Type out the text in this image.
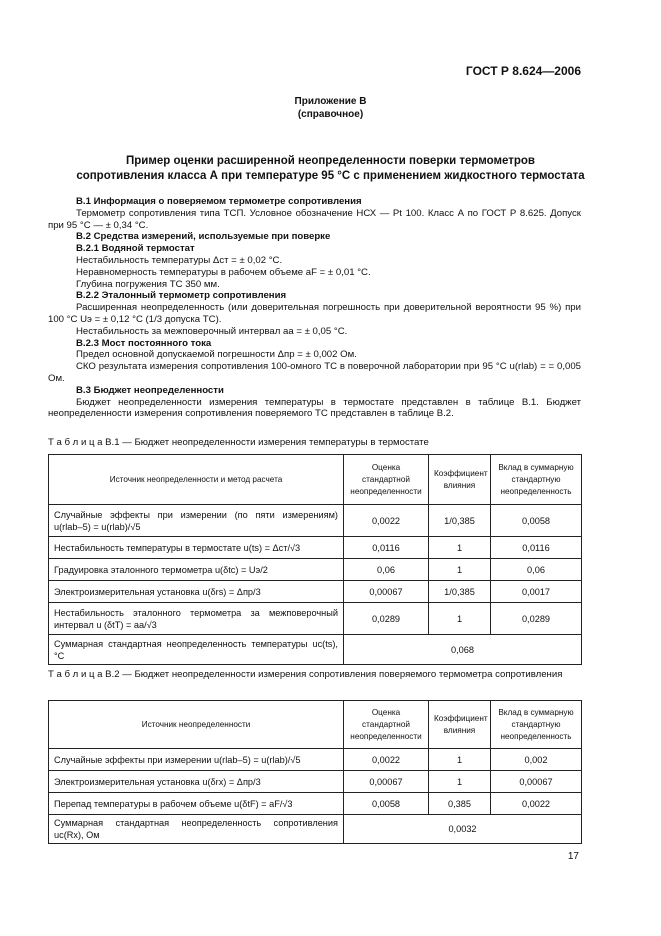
ГОСТ Р 8.624—2006
Приложение В
(справочное)
Пример оценки расширенной неопределенности поверки термометров
сопротивления класса А при температуре 95 °С с применением жидкостного термостата

В.1 Информация о поверяемом термометре сопротивления

Термометр сопротивления типа ТСП. Условное обозначение НСХ — Pt 100. Класс А по ГОСТ Р 8.625. Допуск при 95 °С — ± 0,34 °С.

В.2 Средства измерений, используемые при поверке

В.2.1 Водяной термостат

Нестабильность температуры Δст = ± 0,02 °С.

Неравномерность температуры в рабочем объеме aF = ± 0,01 °С.

Глубина погружения ТС 350 мм.

В.2.2 Эталонный термометр сопротивления

Расширенная неопределенность (или доверительная погрешность при доверительной вероятности 95 %) при 100 °С Uэ = ± 0,12 °С (1/3 допуска ТС).

Нестабильность за межповерочный интервал aa = ± 0,05 °С.

В.2.3 Мост постоянного тока

Предел основной допускаемой погрешности Δпр = ± 0,002 Ом.

СКО результата измерения сопротивления 100-омного ТС в поверочной лаборатории при 95 °С u(rlab) = = 0,005 Ом.

В.3 Бюджет неопределенности

Бюджет неопределенности измерения температуры в термостате представлен в таблице В.1. Бюджет неопределенности измерения сопротивления поверяемого ТС представлен в таблице В.2.

Т а б л и ц а В.1 — Бюджет неопределенности измерения температуры в термостате
Источник неопределенности и метод расчета	Оценка стандартной неопределенности	Коэффициент влияния	Вклад в суммарную стандартную неопределенность
Случайные эффекты при измерении (по пяти измерениям) u(rlab–5) = u(rlab)/√5	0,0022	1/0,385	0,0058
Нестабильность температуры в термостате u(ts) = Δст/√3	0,0116	1	0,0116
Градуировка эталонного термометра u(δtс) = Uэ/2	0,06	1	0,06
Электроизмерительная установка u(δrs) = Δпр/3	0,00067	1/0,385	0,0017
Нестабильность эталонного термометра за межповерочный интервал u (δtT) = aa/√3	0,0289	1	0,0289
Суммарная стандартная неопределенность температуры uc(ts), °С	0,068		
Т а б л и ц а В.2 — Бюджет неопределенности измерения сопротивления поверяемого термометра сопротивления
Источник неопределенности	Оценка стандартной неопределенности	Коэффициент влияния	Вклад в суммарную стандартную неопределенность
Случайные эффекты при измерении u(rlab–5) = u(rlab)/√5	0,0022	1	0,002
Электроизмерительная установка u(δrx) = Δпр/3	0,00067	1	0,00067
Перепад температуры в рабочем объеме u(δtF) = aF/√3	0,0058	0,385	0,0022
Суммарная стандартная неопределенность сопротивления uc(Rx), Ом	0,0032		
17
